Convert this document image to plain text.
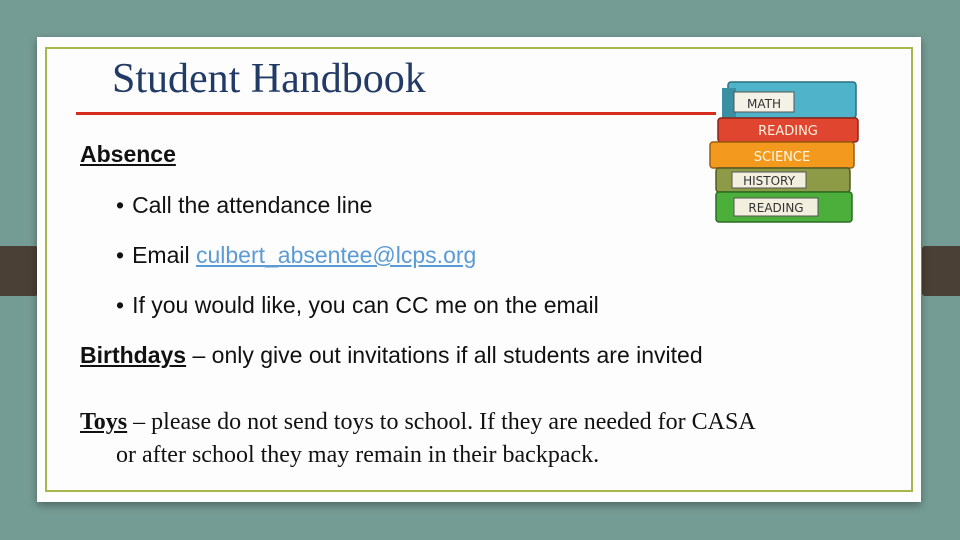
Student Handbook
MATH
READING
SCIENCE
HISTORY
READING
Absence
• Call the attendance line
• Email culbert_absentee@lcps.org
• If you would like, you can CC me on the email
Birthdays – only give out invitations if all students are invited
Toys – please do not send toys to school. If they are needed for CASA
or after school they may remain in their backpack.
